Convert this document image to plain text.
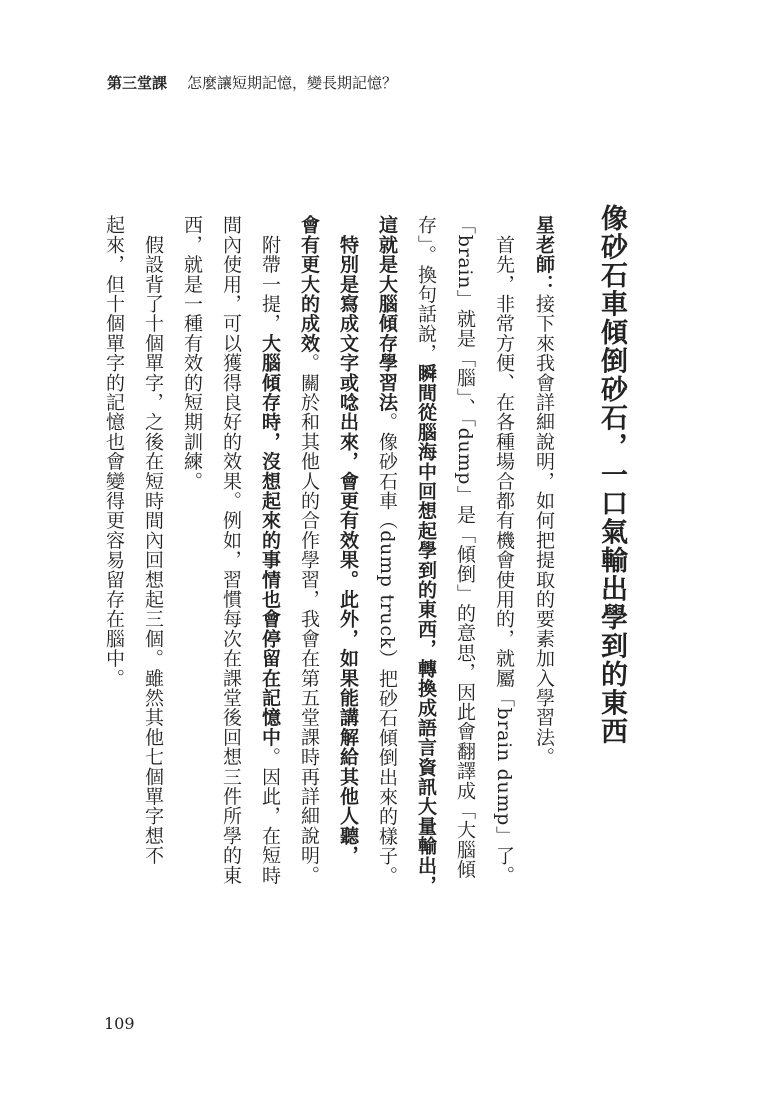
第三堂課 怎麼讓短期記憶，變長期記憶？
像砂石車傾倒砂石，一口氣輸出學到的東西
星老師：接下來我會詳細說明，如何把提取的要素加入學習法。
　首先，非常方便、在各種場合都有機會使用的，就屬「brain dump」了。
「brain」就是「腦」、「dump」是「傾倒」的意思，因此會翻譯成「大腦傾
存」。換句話說，瞬間從腦海中回想起學到的東西，轉換成語言資訊大量輸出，
這就是大腦傾存學習法。像砂石車（dump truck）把砂石傾倒出來的樣子。
　特別是寫成文字或唸出來，會更有效果。此外，如果能講解給其他人聽，
會有更大的成效。關於和其他人的合作學習，我會在第五堂課時再詳細說明。
　附帶一提，大腦傾存時，沒想起來的事情也會停留在記憶中。因此，在短時
間內使用，可以獲得良好的效果。例如，習慣每次在課堂後回想三件所學的東
西，就是一種有效的短期訓練。
　假設背了十個單字，之後在短時間內回想起三個。雖然其他七個單字想不
起來，但十個單字的記憶也會變得更容易留存在腦中。
109
